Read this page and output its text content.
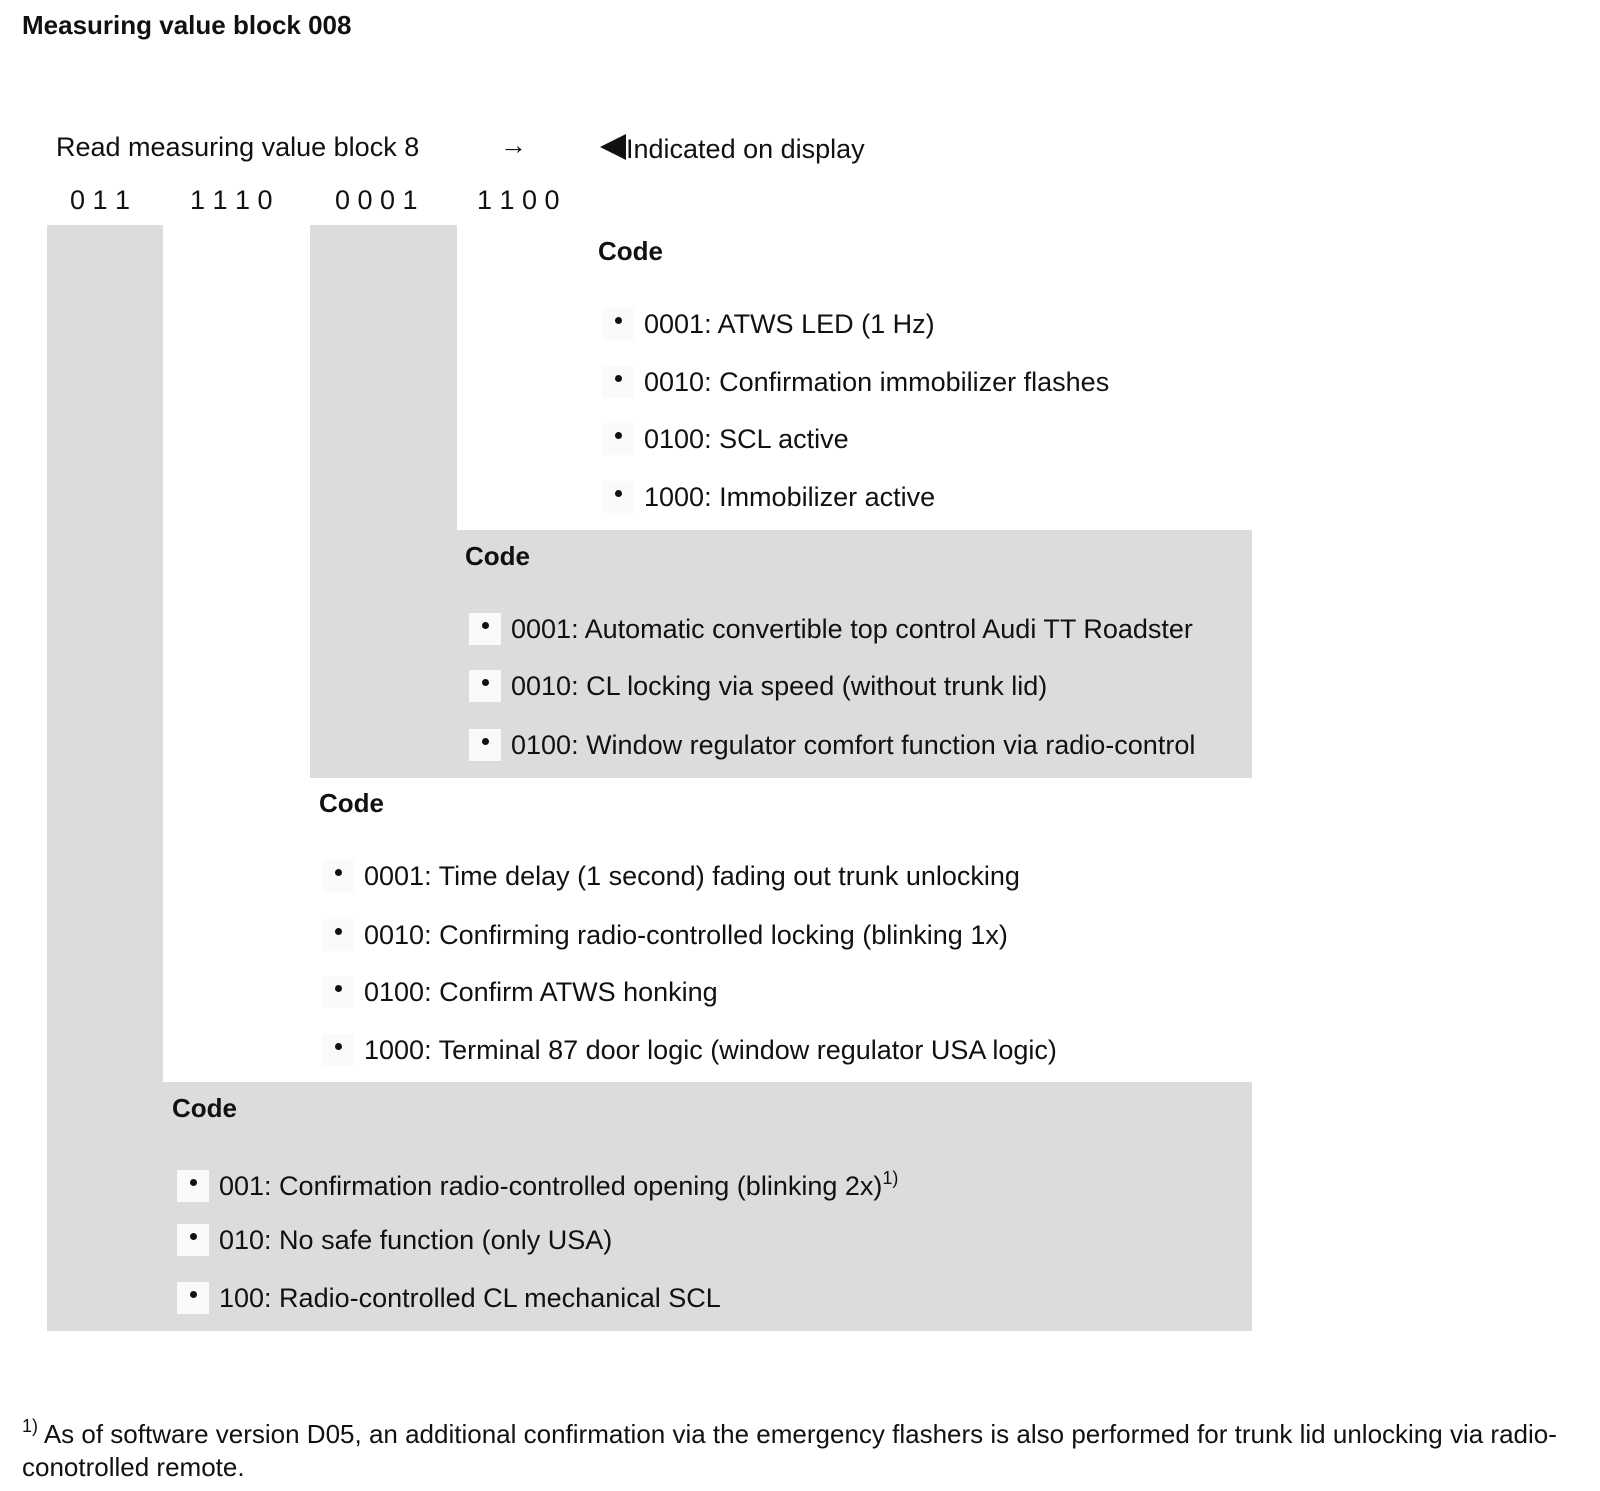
Measuring value block 008
Read measuring value block 8	→	Indicated on display
0 1 1 1 1 1 0 0 0 0 1 1 1 0 0
Code
0001: ATWS LED (1 Hz)
0010: Confirmation immobilizer flashes
0100: SCL active
1000: Immobilizer active
Code
0001: Automatic convertible top control Audi TT Roadster
0010: CL locking via speed (without trunk lid)
0100: Window regulator comfort function via radio-control
Code
0001: Time delay (1 second) fading out trunk unlocking
0010: Confirming radio-controlled locking (blinking 1x)
0100: Confirm ATWS honking
1000: Terminal 87 door logic (window regulator USA logic)
Code
001: Confirmation radio-controlled opening (blinking 2x)$^{1)}$
010: No safe function (only USA)
100: Radio-controlled CL mechanical SCL
$^{1)}$ As of software version D05, an additional confirmation via the emergency flashers is also performed for trunk lid unlocking via radio-conotrolled remote.
